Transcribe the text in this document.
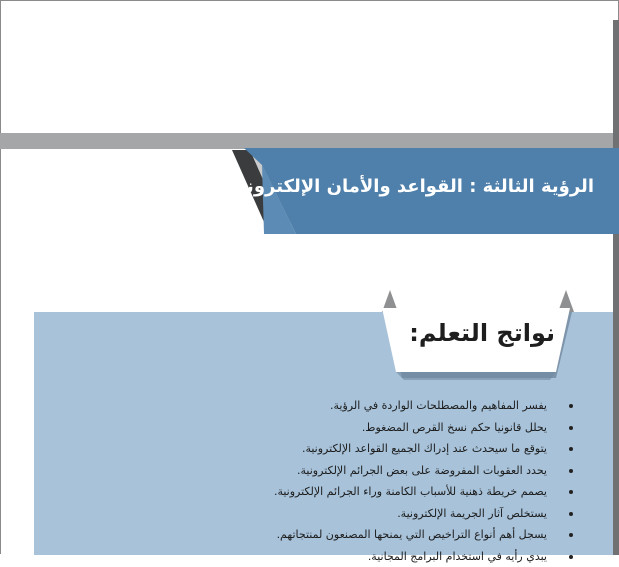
الرؤية الثالثة : القواعد والأمان الإلكتروني
نواتج التعلم:
يفسر المفاهيم والمصطلحات الواردة في الرؤية.
يحلل قانونيا حكم نسخ القرص المضغوط.
يتوقع ما سيحدث عند إدراك الجميع القواعد الإلكترونية.
يحدد العقوبات المفروضة على بعض الجرائم الإلكترونية.
يصمم خريطة ذهنية للأسباب الكامنة وراء الجرائم الإلكترونية.
يستخلص آثار الجريمة الإلكترونية.
يسجل أهم أنواع التراخيص التي يمنحها المصنعون لمنتجاتهم.
يبدي رأيه في استخدام البرامج المجانية.
